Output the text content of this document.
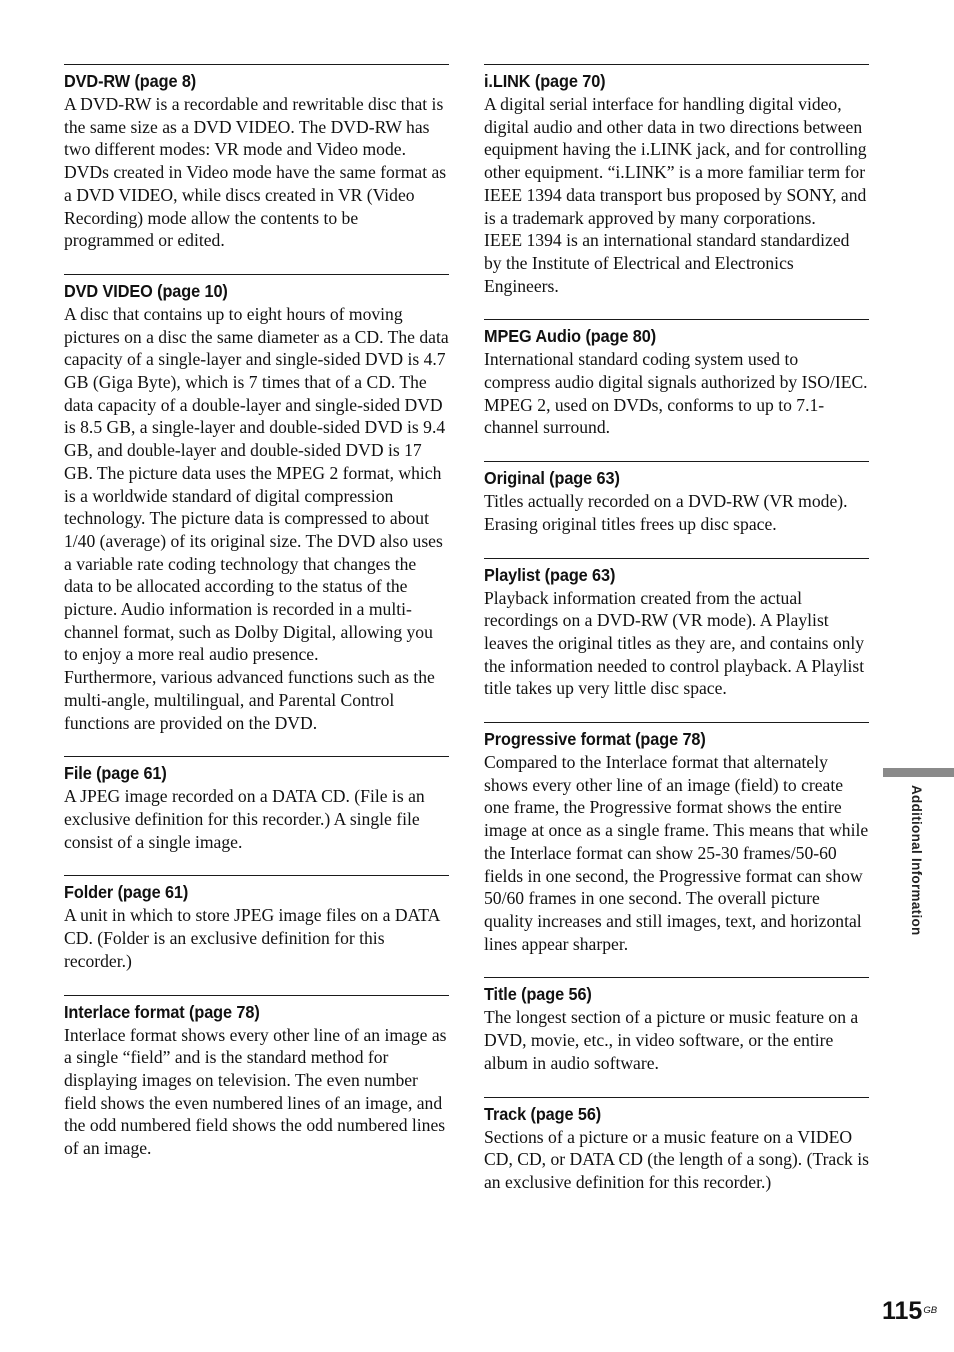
DVD-RW (page 8)

A DVD-RW is a recordable and rewritable disc that is the same size as a DVD VIDEO. The DVD-RW has two different modes: VR mode and Video mode. DVDs created in Video mode have the same format as a DVD VIDEO, while discs created in VR (Video Recording) mode allow the contents to be programmed or edited.

DVD VIDEO (page 10)

A disc that contains up to eight hours of moving pictures on a disc the same diameter as a CD. The data capacity of a single-layer and single-sided DVD is 4.7 GB (Giga Byte), which is 7 times that of a CD. The data capacity of a double-layer and single-sided DVD is 8.5 GB, a single-layer and double-sided DVD is 9.4 GB, and double-layer and double-sided DVD is 17 GB. The picture data uses the MPEG 2 format, which is a worldwide standard of digital compression technology. The picture data is compressed to about 1/40 (average) of its original size. The DVD also uses a variable rate coding technology that changes the data to be allocated according to the status of the picture. Audio information is recorded in a multi-channel format, such as Dolby Digital, allowing you to enjoy a more real audio presence.

Furthermore, various advanced functions such as the multi-angle, multilingual, and Parental Control functions are provided on the DVD.

File (page 61)

A JPEG image recorded on a DATA CD. (File is an exclusive definition for this recorder.) A single file consist of a single image.

Folder (page 61)

A unit in which to store JPEG image files on a DATA CD. (Folder is an exclusive definition for this recorder.)

Interlace format (page 78)

Interlace format shows every other line of an image as a single “field” and is the standard method for displaying images on television. The even number field shows the even numbered lines of an image, and the odd numbered field shows the odd numbered lines of an image.

i.LINK (page 70)

A digital serial interface for handling digital video, digital audio and other data in two directions between equipment having the i.LINK jack, and for controlling other equipment. “i.LINK” is a more familiar term for IEEE 1394 data transport bus proposed by SONY, and is a trademark approved by many corporations.

IEEE 1394 is an international standard standardized by the Institute of Electrical and Electronics Engineers.

MPEG Audio (page 80)

International standard coding system used to compress audio digital signals authorized by ISO/IEC. MPEG 2, used on DVDs, conforms to up to 7.1-channel surround.

Original (page 63)

Titles actually recorded on a DVD-RW (VR mode). Erasing original titles frees up disc space.

Playlist (page 63)

Playback information created from the actual recordings on a DVD-RW (VR mode). A Playlist leaves the original titles as they are, and contains only the information needed to control playback. A Playlist title takes up very little disc space.

Progressive format (page 78)

Compared to the Interlace format that alternately shows every other line of an image (field) to create one frame, the Progressive format shows the entire image at once as a single frame. This means that while the Interlace format can show 25-30 frames/50-60 fields in one second, the Progressive format can show 50/60 frames in one second. The overall picture quality increases and still images, text, and horizontal lines appear sharper.

Title (page 56)

The longest section of a picture or music feature on a DVD, movie, etc., in video software, or the entire album in audio software.

Track (page 56)

Sections of a picture or a music feature on a VIDEO CD, CD, or DATA CD (the length of a song). (Track is an exclusive definition for this recorder.)

Additional Information
$115^{GB}$
